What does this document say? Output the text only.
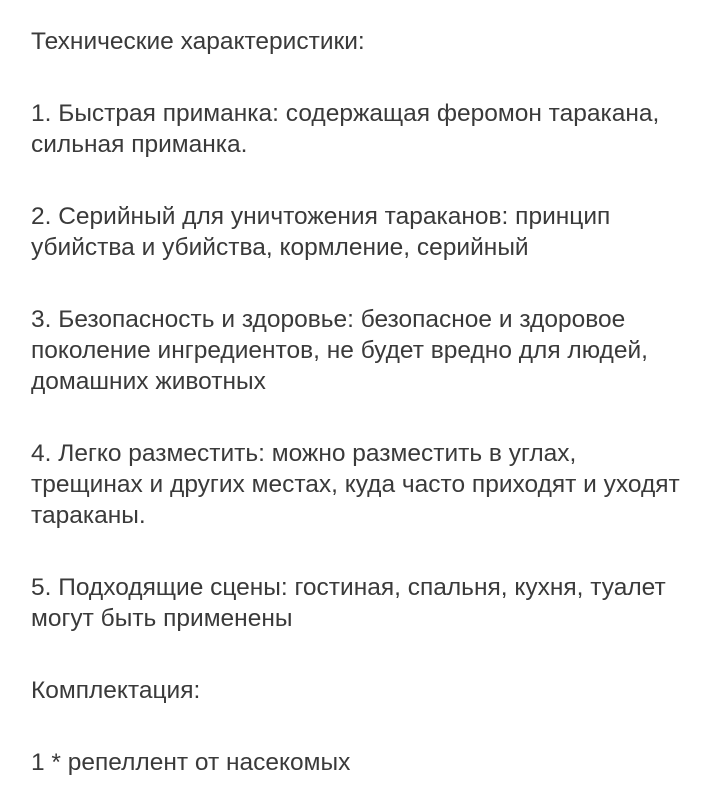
Технические характеристики:

1. Быстрая приманка: содержащая феромон таракана, сильная приманка.

2. Серийный для уничтожения тараканов: принцип убийства и убийства, кормление, серийный

3. Безопасность и здоровье: безопасное и здоровое поколение ингредиентов, не будет вредно для людей, домашних животных

4. Легко разместить: можно разместить в углах, трещинах и других местах, куда часто приходят и уходят тараканы.

5. Подходящие сцены: гостиная, спальня, кухня, туалет могут быть применены

Комплектация:

1 * репеллент от насекомых
